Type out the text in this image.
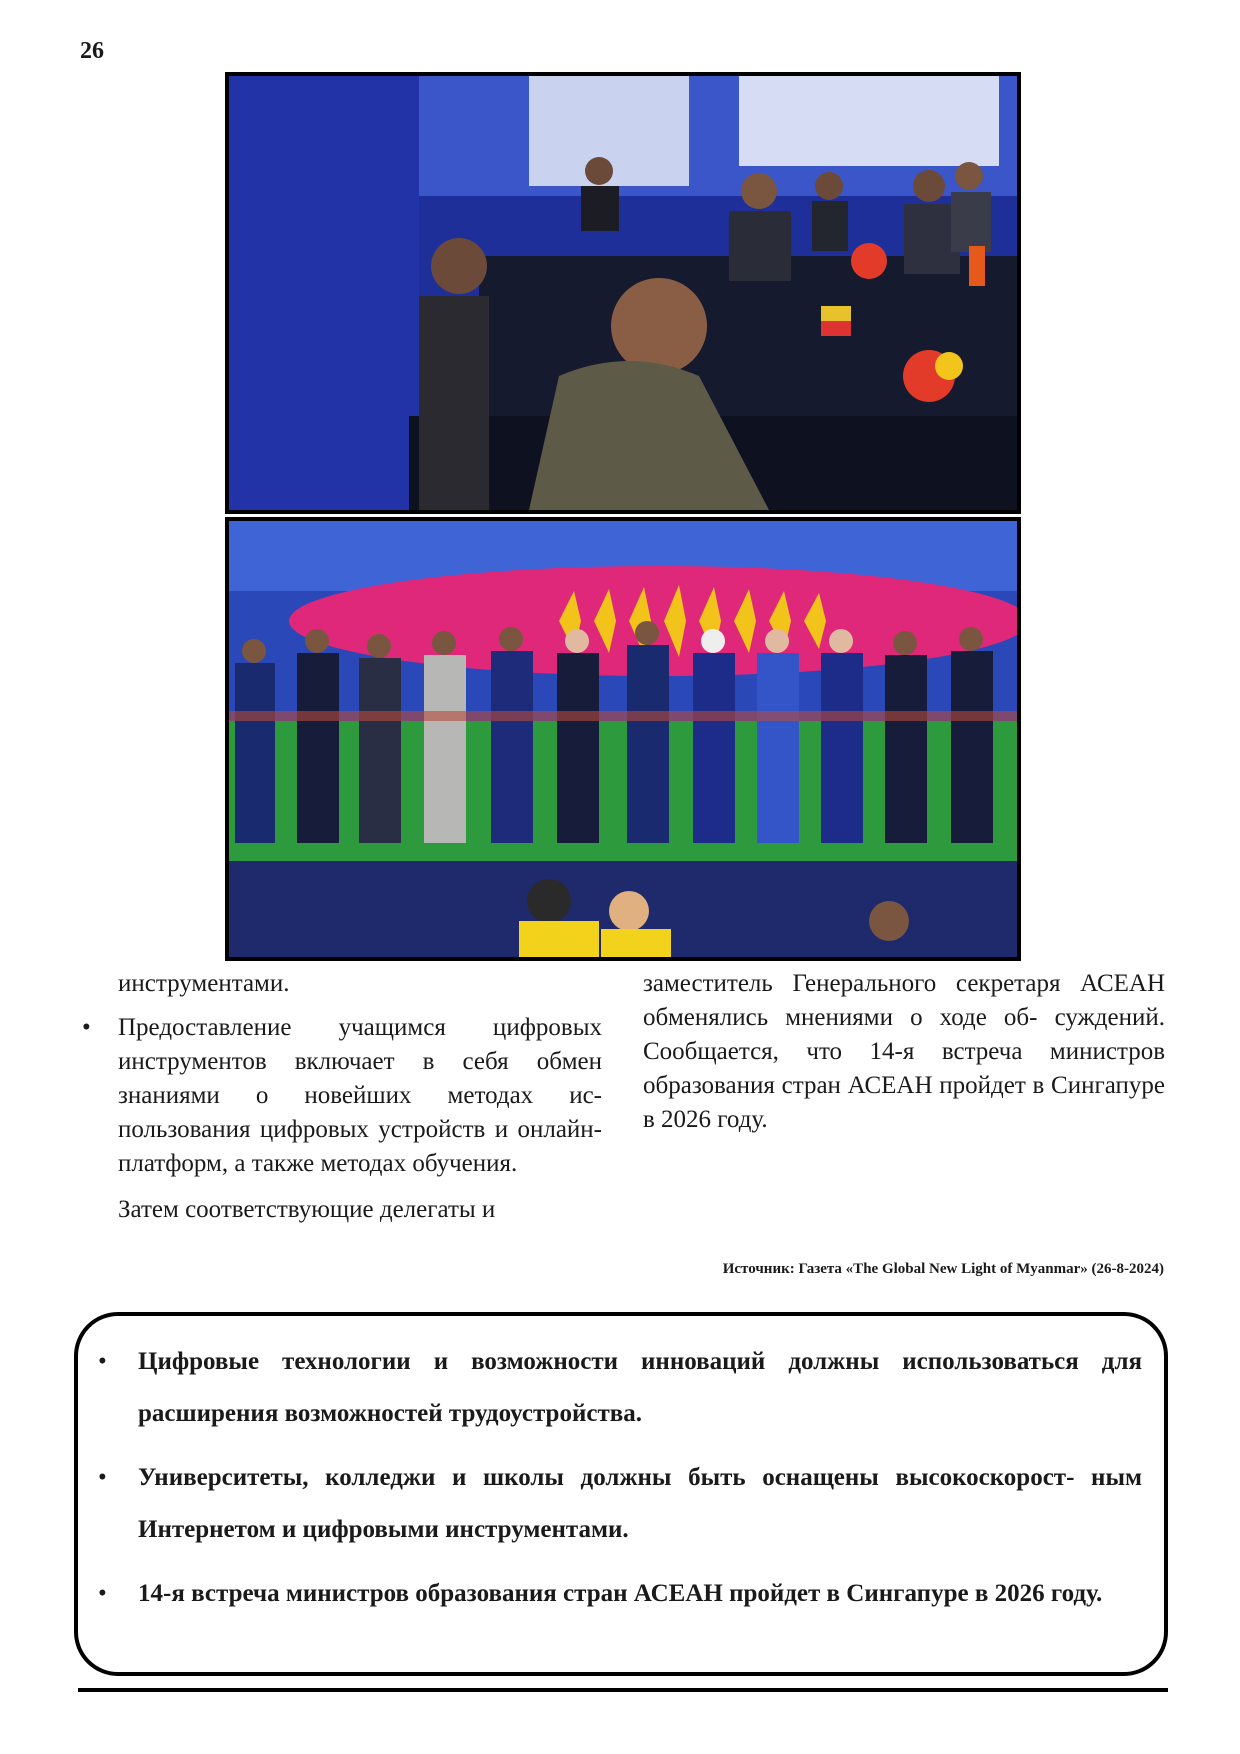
26

инструментами.

• Предоставление учащимся цифровых инструментов включает в себя обмен знаниями о новейших методах ис- пользования цифровых устройств и онлайн-платформ, а также методах обучения.

Затем соответствующие делегаты и

заместитель Генерального секретаря АСЕАН обменялись мнениями о ходе об- суждений. Сообщается, что 14-я встреча министров образования стран АСЕАН пройдет в Сингапуре в 2026 году.

Источник: Газета «The Global New Light of Myanmar» (26-8-2024)
• Цифровые технологии и возможности инноваций должны использоваться для расширения возможностей трудоустройства.
• Университеты, колледжи и школы должны быть оснащены высокоскорост- ным Интернетом и цифровыми инструментами.
• 14-я встреча министров образования стран АСЕАН пройдет в Сингапуре в 2026 году.
